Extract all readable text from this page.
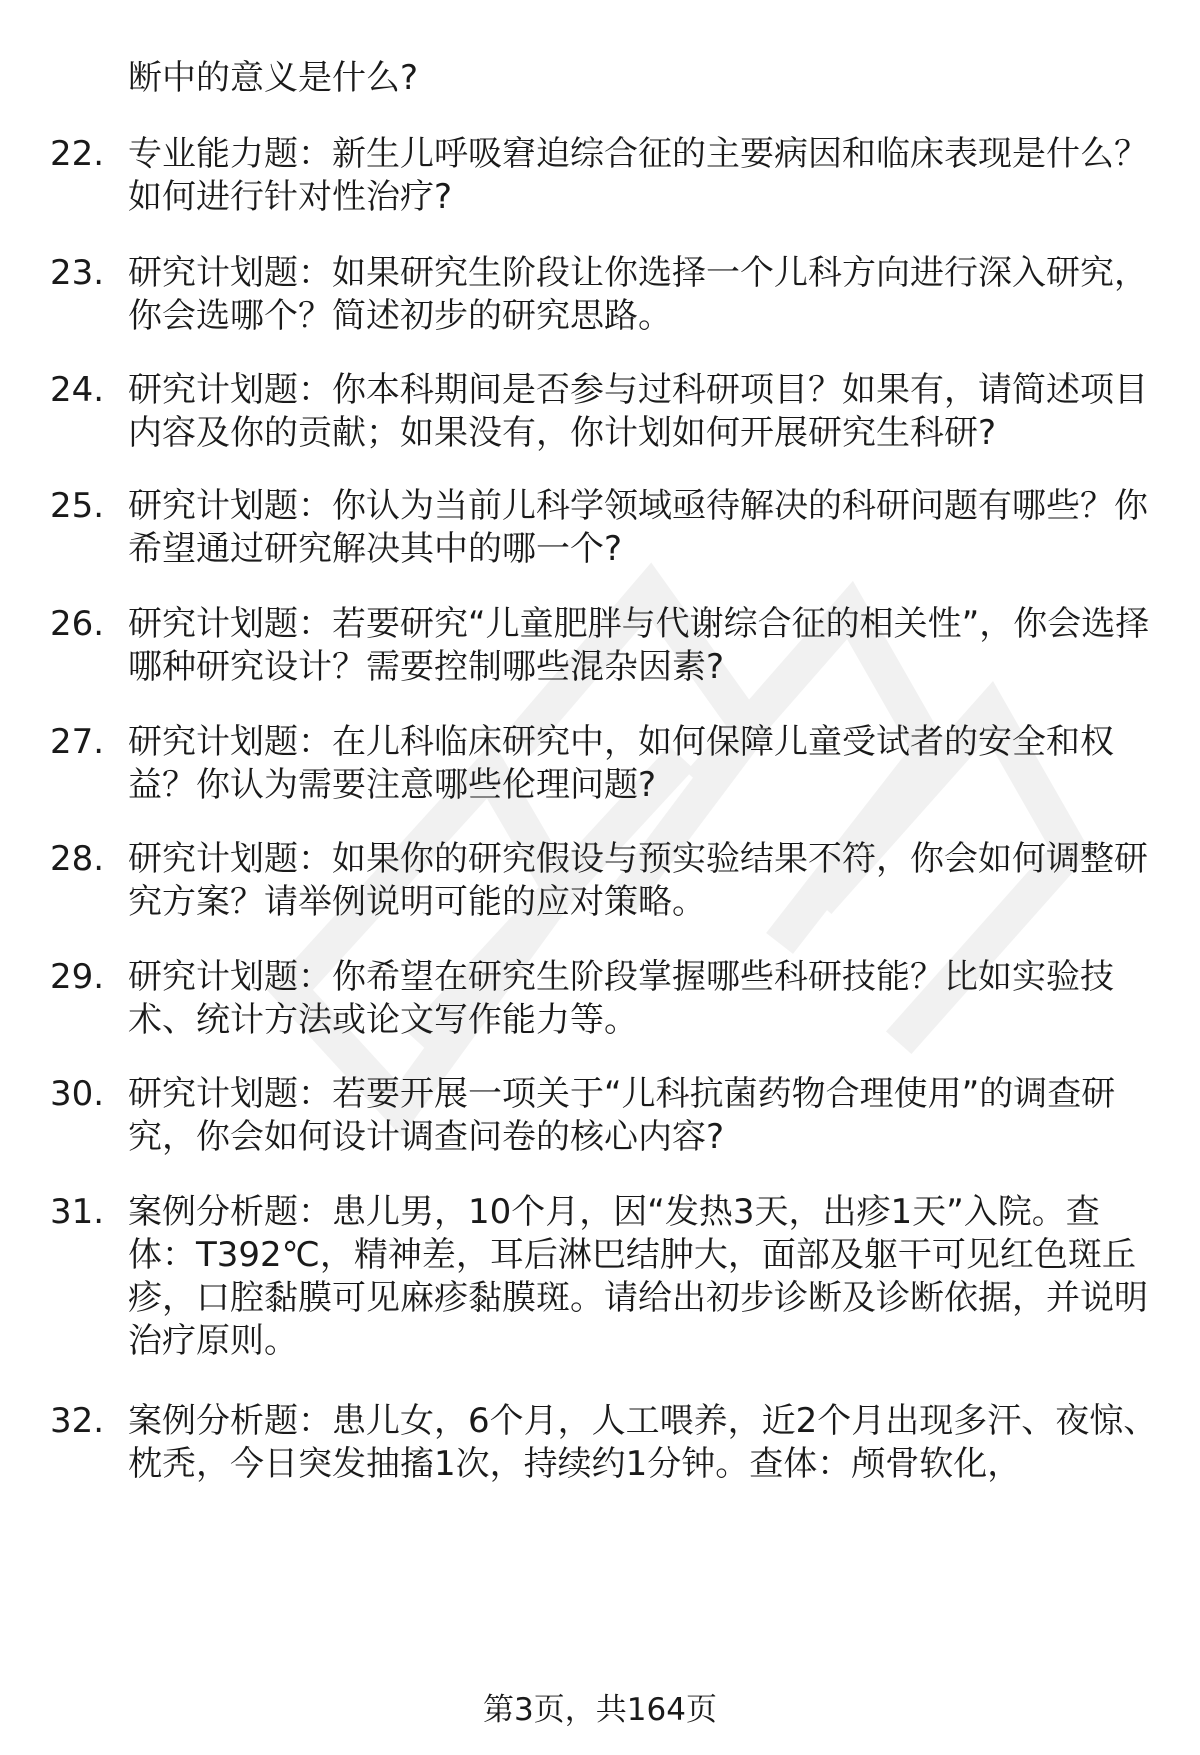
断中的意义是什么?

22. 专业能力题：新生儿呼吸窘迫综合征的主要病因和临床表现是什么？如何进行针对性治疗?

23. 研究计划题：如果研究生阶段让你选择一个儿科方向进行深入研究，你会选哪个？简述初步的研究思路。

24. 研究计划题：你本科期间是否参与过科研项目？如果有，请简述项目内容及你的贡献；如果没有，你计划如何开展研究生科研?

25. 研究计划题：你认为当前儿科学领域亟待解决的科研问题有哪些？你希望通过研究解决其中的哪一个?

26. 研究计划题：若要研究“儿童肥胖与代谢综合征的相关性”，你会选择哪种研究设计？需要控制哪些混杂因素?

27. 研究计划题：在儿科临床研究中，如何保障儿童受试者的安全和权益？你认为需要注意哪些伦理问题?

28. 研究计划题：如果你的研究假设与预实验结果不符，你会如何调整研究方案？请举例说明可能的应对策略。

29. 研究计划题：你希望在研究生阶段掌握哪些科研技能？比如实验技术、统计方法或论文写作能力等。

30. 研究计划题：若要开展一项关于“儿科抗菌药物合理使用”的调查研究，你会如何设计调查问卷的核心内容?

31. 案例分析题：患儿男，10个月，因“发热3天，出疹1天”入院。查体：T392℃，精神差，耳后淋巴结肿大，面部及躯干可见红色斑丘疹，口腔黏膜可见麻疹黏膜斑。请给出初步诊断及诊断依据，并说明治疗原则。

32. 案例分析题：患儿女，6个月，人工喂养，近2个月出现多汗、夜惊、枕秃，今日突发抽搐1次，持续约1分钟。查体：颅骨软化，

第3页，共164页
